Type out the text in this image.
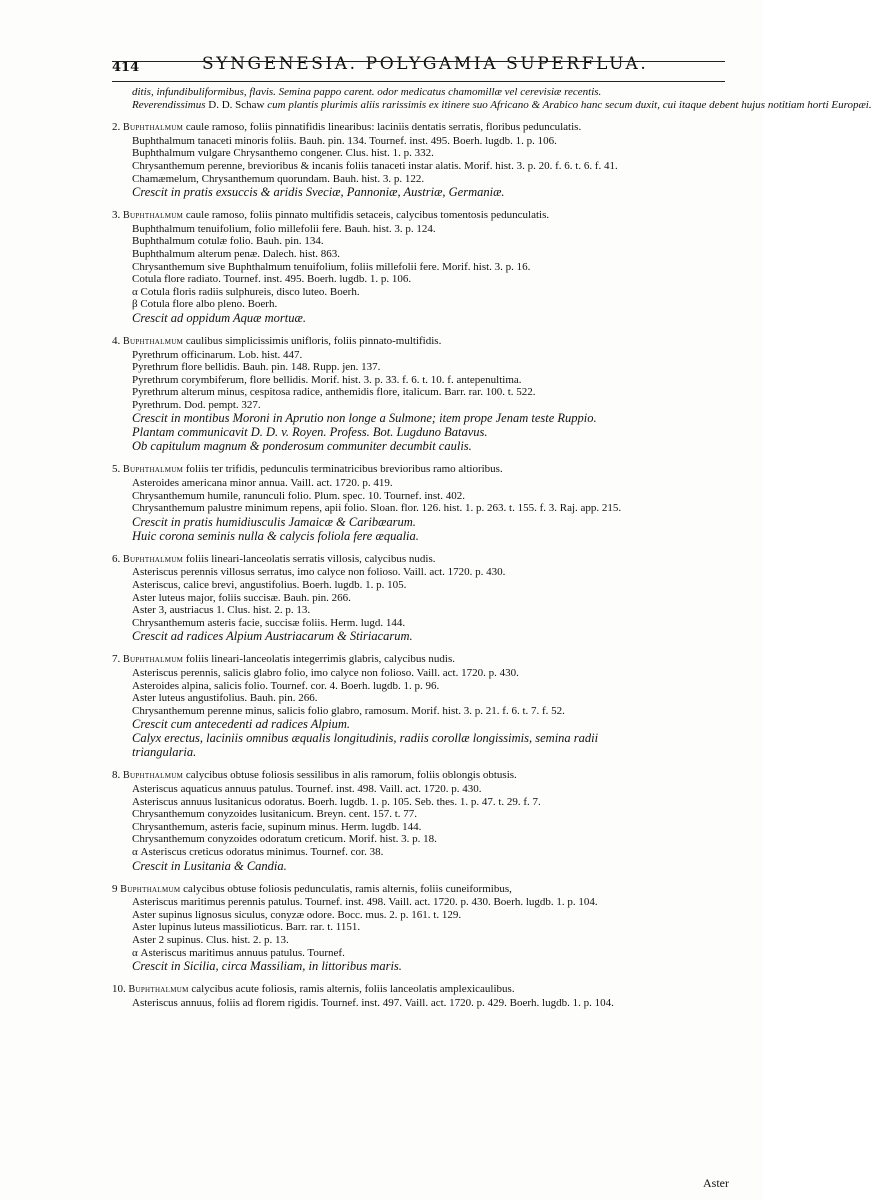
414	SYNGENESIA. POLYGAMIA SUPERFLUA.
ditis, infundibuliformibus, flavis. Semina pappo carent. odor medicatus chamomillæ vel cerevisiæ recentis.
Reverendissimus D. D. Schaw cum plantis plurimis aliis rarissimis ex itinere suo Africano & Arabico hanc secum duxit, cui itaque debent hujus notitiam horti Europæi.
2. Buphthalmum caule ramoso, foliis pinnatifidis linearibus: laciniis dentatis serratis, floribus pedunculatis.
Buphthalmum tanaceti minoris foliis. Bauh. pin. 134. Tournef. inst. 495. Boerh. lugdb. 1. p. 106.
Buphthalmum vulgare Chrysanthemo congener. Clus. hist. 1. p. 332.
Chrysanthemum perenne, brevioribus & incanis foliis tanaceti instar alatis. Morif. hist. 3. p. 20. f. 6. t. 6. f. 41.
Chamæmelum, Chrysanthemum quorundam. Bauh. hist. 3. p. 122.
Crescit in pratis exsuccis & aridis Sveciæ, Pannoniæ, Austriæ, Germaniæ.
3. Buphthalmum caule ramoso, foliis pinnato multifidis setaceis, calycibus tomentosis pedunculatis.
Buphthalmum tenuifolium, folio millefolii fere. Bauh. hist. 3. p. 124.
Buphthalmum cotulæ folio. Bauh. pin. 134.
Buphthalmum alterum penæ. Dalech. hist. 863.
Chrysanthemum sive Buphthalmum tenuifolium, foliis millefolii fere. Morif. hist. 3. p. 16.
Cotula flore radiato. Tournef. inst. 495. Boerh. lugdb. 1. p. 106.
α Cotula floris radiis sulphureis, disco luteo. Boerh.
β Cotula flore albo pleno. Boerh.
Crescit ad oppidum Aquæ mortuæ.
4. Buphthalmum caulibus simplicissimis unifloris, foliis pinnato-multifidis.
Pyrethrum officinarum. Lob. hist. 447.
Pyrethrum flore bellidis. Bauh. pin. 148. Rupp. jen. 137.
Pyrethrum corymbiferum, flore bellidis. Morif. hist. 3. p. 33. f. 6. t. 10. f. antepenultima.
Pyrethrum alterum minus, cespitosa radice, anthemidis flore, italicum. Barr. rar. 100. t. 522.
Pyrethrum. Dod. pempt. 327.
Crescit in montibus Moroni in Aprutio non longe a Sulmone; item prope Jenam teste Ruppio.
Plantam communicavit D. D. v. Royen. Profess. Bot. Lugduno Batavus.
Ob capitulum magnum & ponderosum communiter decumbit caulis.
5. Buphthalmum foliis ter trifidis, pedunculis terminatricibus brevioribus ramo altioribus.
Asteroides americana minor annua. Vaill. act. 1720. p. 419.
Chrysanthemum humile, ranunculi folio. Plum. spec. 10. Tournef. inst. 402.
Chrysanthemum palustre minimum repens, apii folio. Sloan. flor. 126. hist. 1. p. 263. t. 155. f. 3. Raj. app. 215.
Crescit in pratis humidiusculis Jamaicæ & Caribæarum.
Huic corona seminis nulla & calycis foliola fere æqualia.
6. Buphthalmum foliis lineari-lanceolatis serratis villosis, calycibus nudis.
Asteriscus perennis villosus serratus, imo calyce non folioso. Vaill. act. 1720. p. 430.
Asteriscus, calice brevi, angustifolius. Boerh. lugdb. 1. p. 105.
Aster luteus major, foliis succisæ. Bauh. pin. 266.
Aster 3, austriacus 1. Clus. hist. 2. p. 13.
Chrysanthemum asteris facie, succisæ foliis. Herm. lugd. 144.
Crescit ad radices Alpium Austriacarum & Stiriacarum.
7. Buphthalmum foliis lineari-lanceolatis integerrimis glabris, calycibus nudis.
Asteriscus perennis, salicis glabro folio, imo calyce non folioso. Vaill. act. 1720. p. 430.
Asteroides alpina, salicis folio. Tournef. cor. 4. Boerh. lugdb. 1. p. 96.
Aster luteus angustifolius. Bauh. pin. 266.
Chrysanthemum perenne minus, salicis folio glabro, ramosum. Morif. hist. 3. p. 21. f. 6. t. 7. f. 52.
Crescit cum antecedenti ad radices Alpium.
Calyx erectus, laciniis omnibus æqualis longitudinis, radiis corollæ longissimis, semina radii
triangularia.
8. Buphthalmum calycibus obtuse foliosis sessilibus in alis ramorum, foliis oblongis obtusis.
Asteriscus aquaticus annuus patulus. Tournef. inst. 498. Vaill. act. 1720. p. 430.
Asteriscus annuus lusitanicus odoratus. Boerh. lugdb. 1. p. 105. Seb. thes. 1. p. 47. t. 29. f. 7.
Chrysanthemum conyzoides lusitanicum. Breyn. cent. 157. t. 77.
Chrysanthemum, asteris facie, supinum minus. Herm. lugdb. 144.
Chrysanthemum conyzoides odoratum creticum. Morif. hist. 3. p. 18.
α Asteriscus creticus odoratus minimus. Tournef. cor. 38.
Crescit in Lusitania & Candia.
9 Buphthalmum calycibus obtuse foliosis pedunculatis, ramis alternis, foliis cuneiformibus,
Asteriscus maritimus perennis patulus. Tournef. inst. 498. Vaill. act. 1720. p. 430. Boerh. lugdb. 1. p. 104.
Aster supinus lignosus siculus, conyzæ odore. Bocc. mus. 2. p. 161. t. 129.
Aster lupinus luteus massilioticus. Barr. rar. t. 1151.
Aster 2 supinus. Clus. hist. 2. p. 13.
α Asteriscus maritimus annuus patulus. Tournef.
Crescit in Sicilia, circa Massiliam, in littoribus maris.
10. Buphthalmum calycibus acute foliosis, ramis alternis, foliis lanceolatis amplexicaulibus.
Asteriscus annuus, foliis ad florem rigidis. Tournef. inst. 497. Vaill. act. 1720. p. 429. Boerh. lugdb. 1. p. 104.
Aster
